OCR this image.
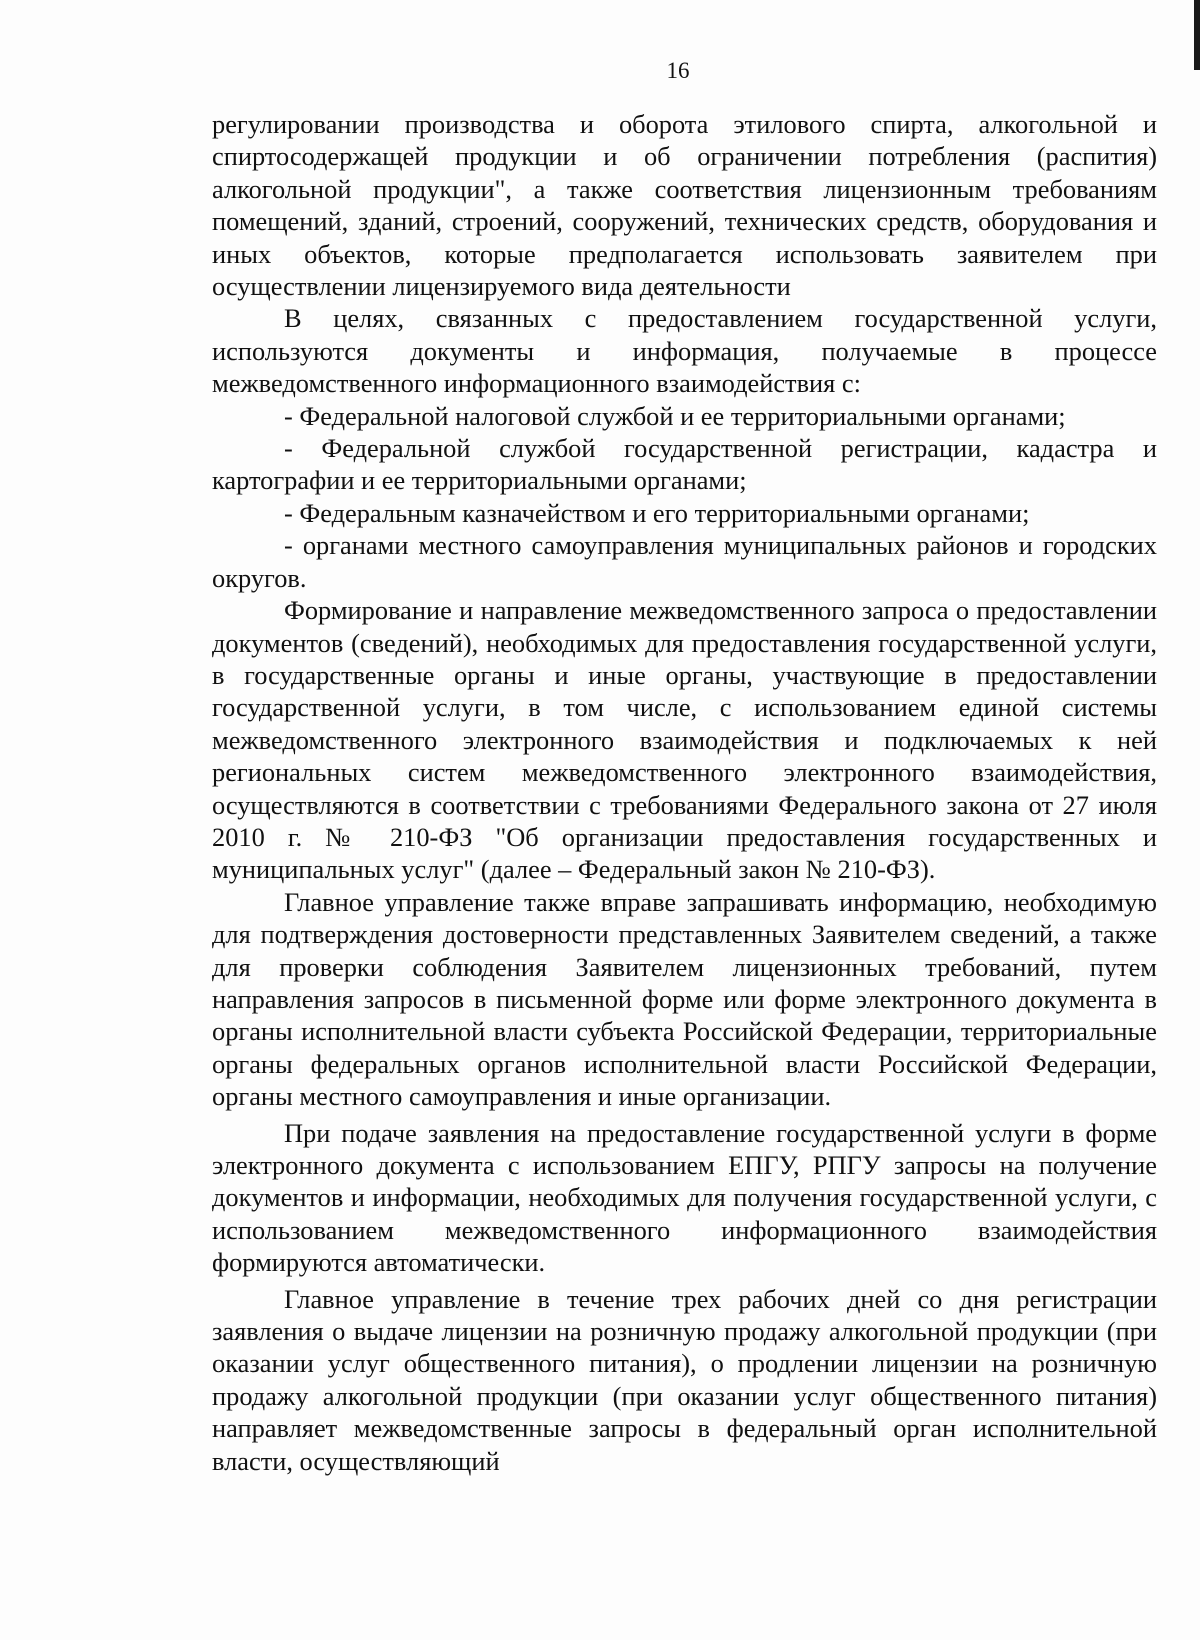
16

регулировании производства и оборота этилового спирта, алкогольной и спиртосодержащей продукции и об ограничении потребления (распития) алкогольной продукции", а также соответствия лицензионным требованиям помещений, зданий, строений, сооружений, технических средств, оборудования и иных объектов, которые предполагается использовать заявителем при осуществлении лицензируемого вида деятельности

В целях, связанных с предоставлением государственной услуги, используются документы и информация, получаемые в процессе межведомственного информационного взаимодействия с:

- Федеральной налоговой службой и ее территориальными органами;

- Федеральной службой государственной регистрации, кадастра и картографии и ее территориальными органами;

- Федеральным казначейством и его территориальными органами;

- органами местного самоуправления муниципальных районов и городских округов.

Формирование и направление межведомственного запроса о предоставлении документов (сведений), необходимых для предоставления государственной услуги, в государственные органы и иные органы, участвующие в предоставлении государственной услуги, в том числе, с использованием единой системы межведомственного электронного взаимодействия и подключаемых к ней региональных систем межведомственного электронного взаимодействия, осуществляются в соответствии с требованиями Федерального закона от 27 июля 2010 г. № 210-ФЗ "Об организации предоставления государственных и муниципальных услуг" (далее – Федеральный закон № 210-ФЗ).

Главное управление также вправе запрашивать информацию, необходимую для подтверждения достоверности представленных Заявителем сведений, а также для проверки соблюдения Заявителем лицензионных требований, путем направления запросов в письменной форме или форме электронного документа в органы исполнительной власти субъекта Российской Федерации, территориальные органы федеральных органов исполнительной власти Российской Федерации, органы местного самоуправления и иные организации.

При подаче заявления на предоставление государственной услуги в форме электронного документа с использованием ЕПГУ, РПГУ запросы на получение документов и информации, необходимых для получения государственной услуги, с использованием межведомственного информационного взаимодействия формируются автоматически.

Главное управление в течение трех рабочих дней со дня регистрации заявления о выдаче лицензии на розничную продажу алкогольной продукции (при оказании услуг общественного питания), о продлении лицензии на розничную продажу алкогольной продукции (при оказании услуг общественного питания) направляет межведомственные запросы в федеральный орган исполнительной власти, осуществляющий
